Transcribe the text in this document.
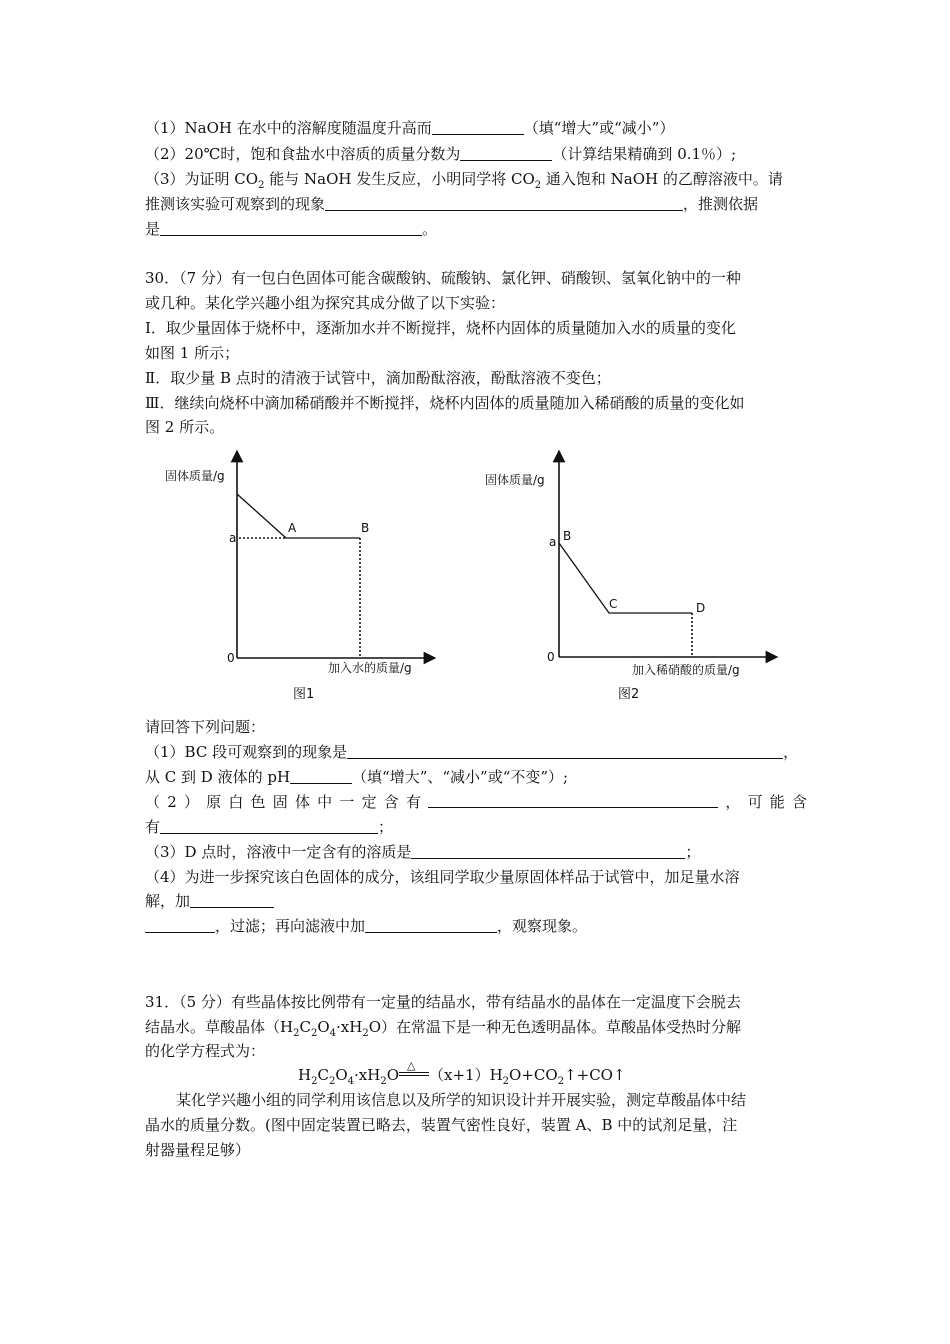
（1）NaOH 在水中的溶解度随温度升高而	（填“增大”或“减小”）
（2）20℃时，饱和食盐水中溶质的质量分数为	（计算结果精确到 0.1％）;
（3）为证明 $CO_2$ 能与 NaOH 发生反应，小明同学将 $CO_2$ 通入饱和 NaOH 的乙醇溶液中。请
推测该实验可观察到的现象	，推测依据
是	。
30．（7 分）有一包白色固体可能含碳酸钠、硫酸钠、氯化钾、硝酸钡、氢氧化钠中的一种
或几种。某化学兴趣小组为探究其成分做了以下实验：
Ⅰ．取少量固体于烧杯中，逐渐加水并不断搅拌，烧杯内固体的质量随加入水的质量的变化
如图 1 所示；
Ⅱ．取少量 B 点时的清液于试管中，滴加酚酞溶液，酚酞溶液不变色；
Ⅲ．继续向烧杯中滴加稀硝酸并不断搅拌，烧杯内固体的质量随加入稀硝酸的质量的变化如
图 2 所示。
固体质量/g
a
0
A	B
加入水的质量/g
图1
固体质量/g
a
0
B
C	D
加入稀硝酸的质量/g
图2
请回答下列问题：
（1）BC 段可观察到的现象是	，
从 C 到 D 液体的 pH	（填“增大”、“减小”或“不变”）;
（ 2 ） 原 白 色 固 体 中 一 定 含 有	， 可 能 含
有	；
（3）D 点时，溶液中一定含有的溶质是	；
（4）为进一步探究该白色固体的成分，该组同学取少量原固体样品于试管中，加足量水溶
解，加
，过滤；再向滤液中加	，观察现象。
31．（5 分）有些晶体按比例带有一定量的结晶水，带有结晶水的晶体在一定温度下会脱去
结晶水。草酸晶体$(H_2C_2O_4\cdot xH_2O)$在常温下是一种无色透明晶体。草酸晶体受热时分解
的化学方程式为：
$H_2C_2O_4\cdot xH_2O$
△
$(x+1)H_2O+CO_2↑+CO↑$
某化学兴趣小组的同学利用该信息以及所学的知识设计并开展实验，测定草酸晶体中结
晶水的质量分数。(图中固定装置已略去，装置气密性良好，装置 A、B 中的试剂足量，注
射器量程足够）
